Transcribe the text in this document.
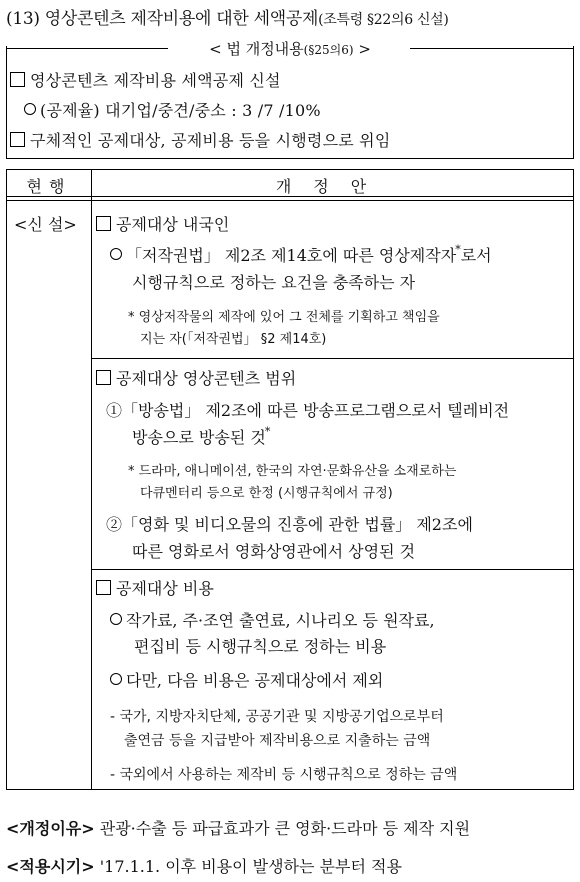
(13) 영상콘텐츠 제작비용에 대한 세액공제(조특령 §22의6 신설)
< 법 개정내용(§25의6) >
영상콘텐츠 제작비용 세액공제 신설
(공제율) 대기업/중견/중소 : 3 /7 /10%
구체적인 공제대상, 공제비용 등을 시행령으로 위임
현행	개정안
<신 설>	공제대상 내국인
「저작권법」 제2조 제14호에 따른 영상제작자*로서
시행규칙으로 정하는 요건을 충족하는 자
* 영상저작물의 제작에 있어 그 전체를 기획하고 책임을
지는 자(「저작권법」 §2 제14호)
공제대상 영상콘텐츠 범위
①「방송법」 제2조에 따른 방송프로그램으로서 텔레비전
방송으로 방송된 것*
* 드라마, 애니메이션, 한국의 자연·문화유산을 소재로하는
다큐멘터리 등으로 한정 (시행규칙에서 규정)
②「영화 및 비디오물의 진흥에 관한 법률」 제2조에
따른 영화로서 영화상영관에서 상영된 것
공제대상 비용
작가료, 주·조연 출연료, 시나리오 등 원작료,
편집비 등 시행규칙으로 정하는 비용
다만, 다음 비용은 공제대상에서 제외
- 국가, 지방자치단체, 공공기관 및 지방공기업으로부터
출연금 등을 지급받아 제작비용으로 지출하는 금액
- 국외에서 사용하는 제작비 등 시행규칙으로 정하는 금액
<개정이유> 관광·수출 등 파급효과가 큰 영화·드라마 등 제작 지원
<적용시기> '17.1.1. 이후 비용이 발생하는 분부터 적용
